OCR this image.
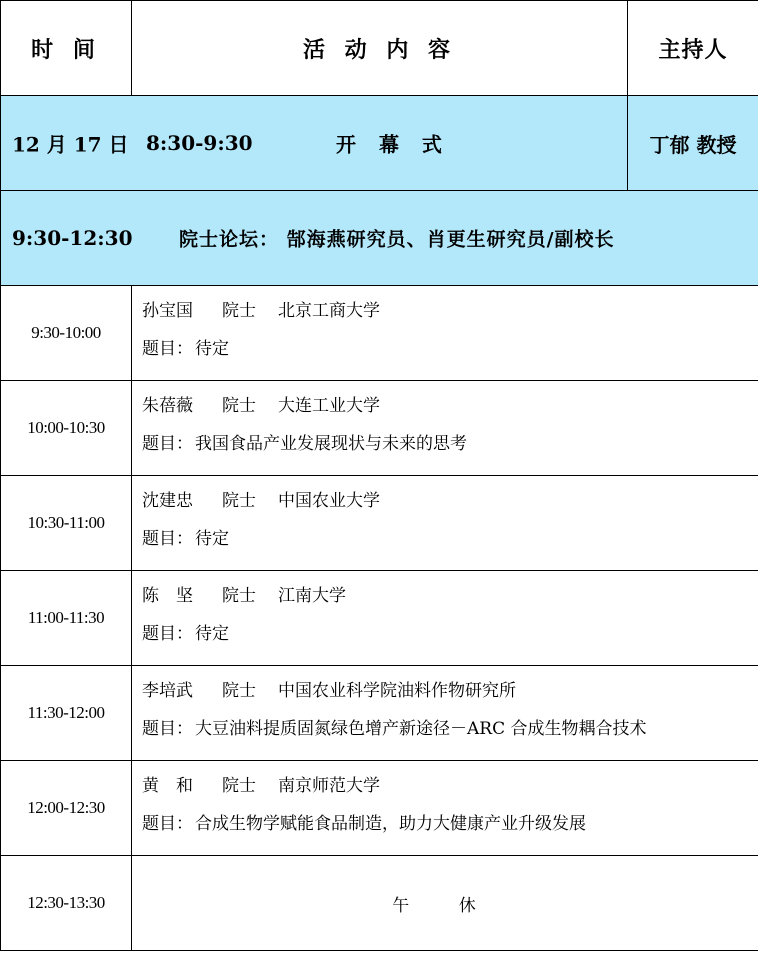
时 间	活 动 内 容	主持人

12 月 17 日 8:30-9:30 开 幕 式		丁郁 教授

9:30-12:30 院士论坛： 郜海燕研究员、肖更生研究员/副校长		

9:30-10:00	孙宝国 院士 北京工商大学
题目： 待定	

10:00-10:30	朱蓓薇 院士 大连工业大学
题目： 我国食品产业发展现状与未来的思考	

10:30-11:00	沈建忠 院士 中国农业大学
题目： 待定	

11:00-11:30	陈　坚 院士 江南大学
题目： 待定	

11:30-12:00	李培武 院士 中国农业科学院油料作物研究所
题目： 大豆油料提质固氮绿色增产新途径－ARC 合成生物耦合技术	

12:00-12:30	黄　和 院士 南京师范大学
题目： 合成生物学赋能食品制造，助力大健康产业升级发展	

12:30-13:30	午 休	
